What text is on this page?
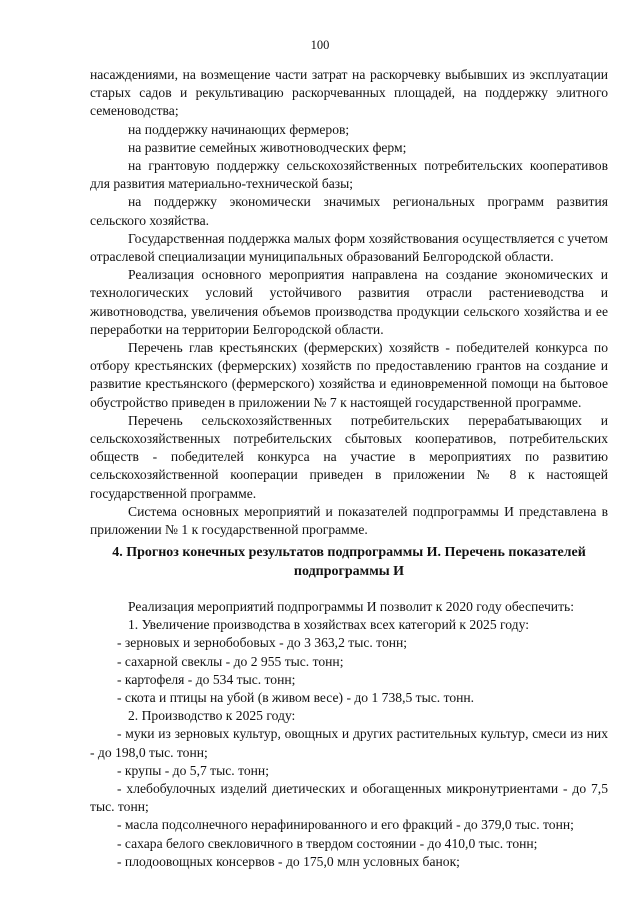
100

насаждениями, на возмещение части затрат на раскорчевку выбывших из эксплуатации старых садов и рекультивацию раскорчеванных площадей, на поддержку элитного семеноводства;

на поддержку начинающих фермеров;

на развитие семейных животноводческих ферм;

на грантовую поддержку сельскохозяйственных потребительских кооперативов для развития материально-технической базы;

на поддержку экономически значимых региональных программ развития сельского хозяйства.

Государственная поддержка малых форм хозяйствования осуществляется с учетом отраслевой специализации муниципальных образований Белгородской области.

Реализация основного мероприятия направлена на создание экономических и технологических условий устойчивого развития отрасли растениеводства и животноводства, увеличения объемов производства продукции сельского хозяйства и ее переработки на территории Белгородской области.

Перечень глав крестьянских (фермерских) хозяйств - победителей конкурса по отбору крестьянских (фермерских) хозяйств по предоставлению грантов на создание и развитие крестьянского (фермерского) хозяйства и единовременной помощи на бытовое обустройство приведен в приложении № 7 к настоящей государственной программе.

Перечень сельскохозяйственных потребительских перерабатывающих и сельскохозяйственных потребительских сбытовых кооперативов, потребительских обществ - победителей конкурса на участие в мероприятиях по развитию сельскохозяйственной кооперации приведен в приложении № 8 к настоящей государственной программе.

Система основных мероприятий и показателей подпрограммы И представлена в приложении № 1 к государственной программе.

4. Прогноз конечных результатов подпрограммы И. Перечень показателей
подпрограммы И

Реализация мероприятий подпрограммы И позволит к 2020 году обеспечить:

1. Увеличение производства в хозяйствах всех категорий к 2025 году:

- зерновых и зернобобовых - до 3 363,2 тыс. тонн;

- сахарной свеклы - до 2 955 тыс. тонн;

- картофеля - до 534 тыс. тонн;

- скота и птицы на убой (в живом весе) - до 1 738,5 тыс. тонн.

2. Производство к 2025 году:

- муки из зерновых культур, овощных и других растительных культур, смеси из них - до 198,0 тыс. тонн;

- крупы - до 5,7 тыс. тонн;

- хлебобулочных изделий диетических и обогащенных микронутриентами - до 7,5 тыс. тонн;

- масла подсолнечного нерафинированного и его фракций - до 379,0 тыс. тонн;

- сахара белого свекловичного в твердом состоянии - до 410,0 тыс. тонн;

- плодоовощных консервов - до 175,0 млн условных банок;
